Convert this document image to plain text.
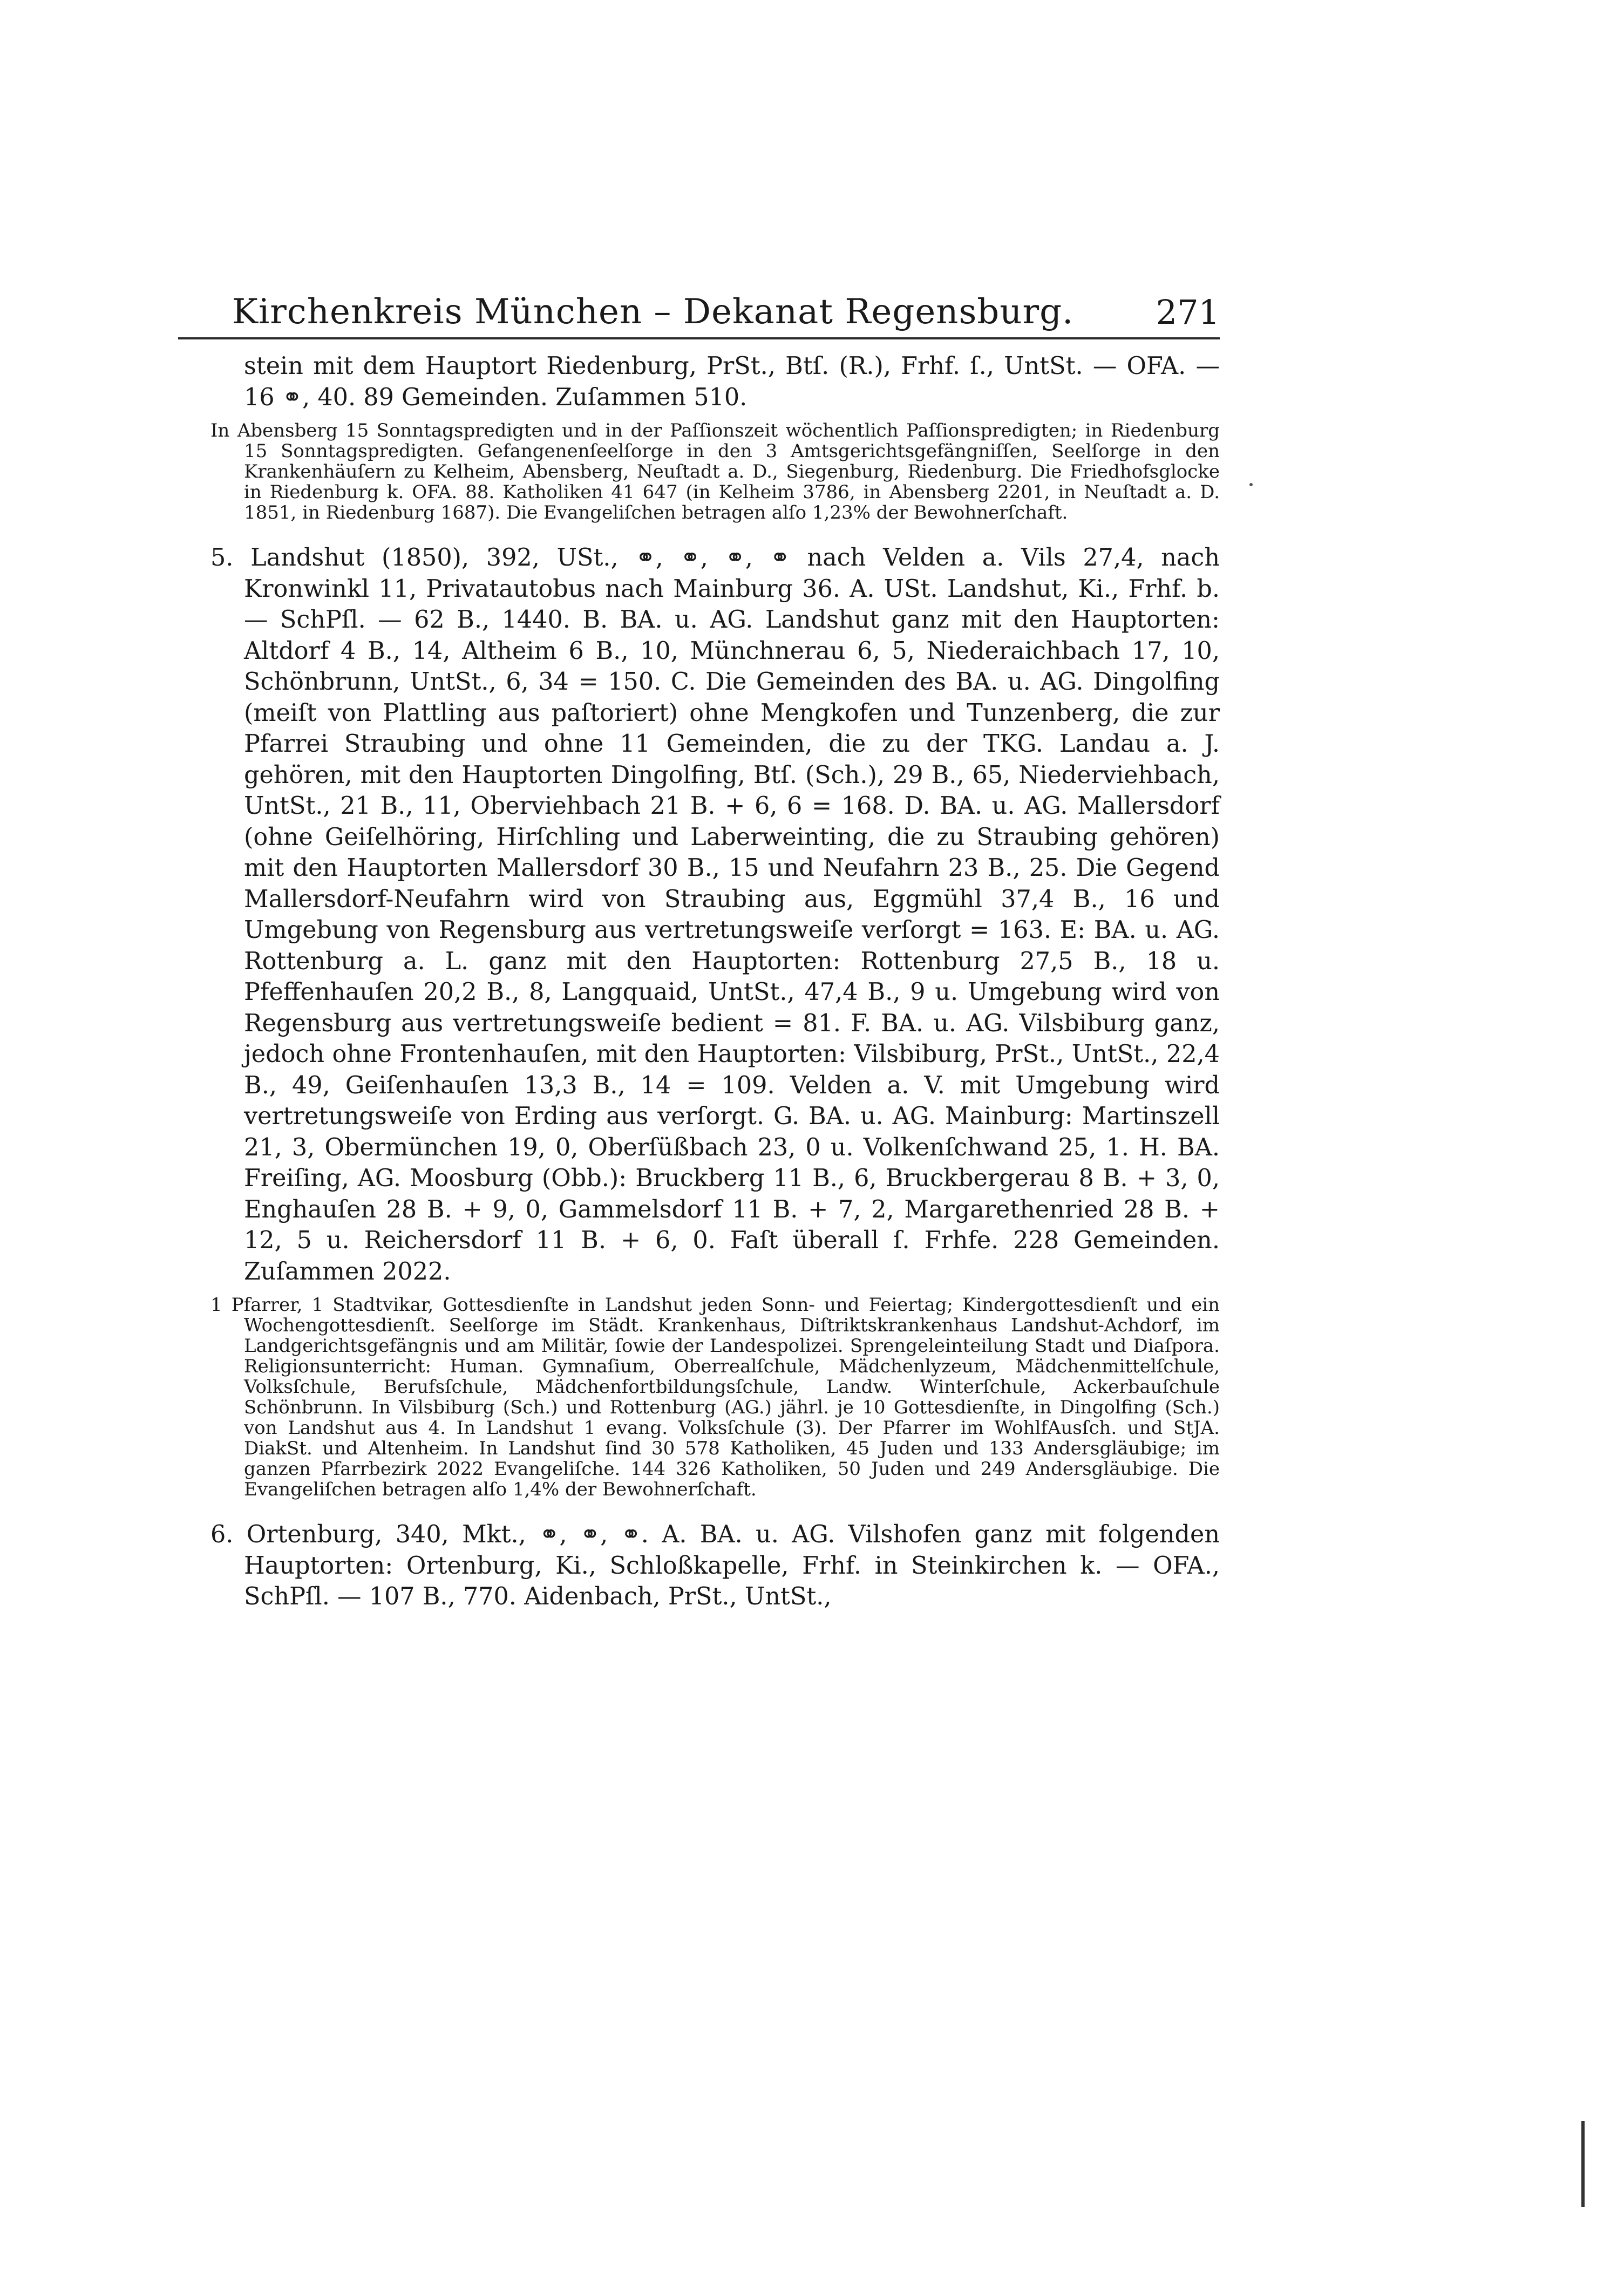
Kirchenkreis München – Dekanat Regensburg. 271

stein mit dem Hauptort Riedenburg, PrSt., Btſ. (R.), Frhf. ſ., UntSt. — OFA. — 16 ⚭, 40. 89 Gemeinden. Zuſammen 510.

In Abensberg 15 Sonntagspredigten und in der Paſſionszeit wöchentlich Paſſionspredigten; in Riedenburg 15 Sonntagspredigten. Gefangenenſeelſorge in den 3 Amtsgerichtsgefängniſſen, Seelſorge in den Krankenhäuſern zu Kelheim, Abensberg, Neuſtadt a. D., Siegenburg, Riedenburg. Die Friedhofsglocke in Riedenburg k. OFA. 88. Katholiken 41 647 (in Kelheim 3786, in Abensberg 2201, in Neuſtadt a. D. 1851, in Riedenburg 1687). Die Evangeliſchen betragen alſo 1,23% der Bewohnerſchaft.

5. Landshut (1850), 392, USt., ⚭, ⚭, ⚭, ⚭ nach Velden a. Vils 27,4, nach Kronwinkl 11, Privatautobus nach Mainburg 36. A. USt. Landshut, Ki., Frhf. b. — SchPſl. — 62 B., 1440. B. BA. u. AG. Landshut ganz mit den Hauptorten: Altdorf 4 B., 14, Altheim 6 B., 10, Münchnerau 6, 5, Niederaichbach 17, 10, Schönbrunn, UntSt., 6, 34 = 150. C. Die Gemeinden des BA. u. AG. Dingolfing (meiſt von Plattling aus paſtoriert) ohne Mengkofen und Tunzenberg, die zur Pfarrei Straubing und ohne 11 Gemeinden, die zu der TKG. Landau a. J. gehören, mit den Hauptorten Dingolfing, Btſ. (Sch.), 29 B., 65, Niederviehbach, UntSt., 21 B., 11, Oberviehbach 21 B. + 6, 6 = 168. D. BA. u. AG. Mallersdorf (ohne Geiſelhöring, Hirſchling und Laberweinting, die zu Straubing gehören) mit den Hauptorten Mallersdorf 30 B., 15 und Neufahrn 23 B., 25. Die Gegend Mallersdorf-Neufahrn wird von Straubing aus, Eggmühl 37,4 B., 16 und Umgebung von Regensburg aus vertretungsweiſe verſorgt = 163. E: BA. u. AG. Rottenburg a. L. ganz mit den Hauptorten: Rottenburg 27,5 B., 18 u. Pfeffenhauſen 20,2 B., 8, Langquaid, UntSt., 47,4 B., 9 u. Umgebung wird von Regensburg aus vertretungsweiſe bedient = 81. F. BA. u. AG. Vilsbiburg ganz, jedoch ohne Frontenhauſen, mit den Hauptorten: Vilsbiburg, PrSt., UntSt., 22,4 B., 49, Geiſenhauſen 13,3 B., 14 = 109. Velden a. V. mit Umgebung wird vertretungsweiſe von Erding aus verſorgt. G. BA. u. AG. Mainburg: Martinszell 21, 3, Obermünchen 19, 0, Oberſüßbach 23, 0 u. Volkenſchwand 25, 1. H. BA. Freiſing, AG. Moosburg (Obb.): Bruckberg 11 B., 6, Bruckbergerau 8 B. + 3, 0, Enghauſen 28 B. + 9, 0, Gammelsdorf 11 B. + 7, 2, Margarethenried 28 B. + 12, 5 u. Reichersdorf 11 B. + 6, 0. Faſt überall ſ. Frhfe. 228 Gemeinden. Zuſammen 2022.

1 Pfarrer, 1 Stadtvikar, Gottesdienſte in Landshut jeden Sonn- und Feiertag; Kindergottesdienſt und ein Wochengottesdienſt. Seelſorge im Städt. Krankenhaus, Diſtriktskrankenhaus Landshut-Achdorf, im Landgerichtsgefängnis und am Militär, ſowie der Landespolizei. Sprengeleinteilung Stadt und Diaſpora. Religionsunterricht: Human. Gymnaſium, Oberrealſchule, Mädchenlyzeum, Mädchenmittelſchule, Volksſchule, Berufsſchule, Mädchenfortbildungsſchule, Landw. Winterſchule, Ackerbauſchule Schönbrunn. In Vilsbiburg (Sch.) und Rottenburg (AG.) jährl. je 10 Gottesdienſte, in Dingolfing (Sch.) von Landshut aus 4. In Landshut 1 evang. Volksſchule (3). Der Pfarrer im WohlfAusſch. und StJA. DiakSt. und Altenheim. In Landshut ſind 30 578 Katholiken, 45 Juden und 133 Andersgläubige; im ganzen Pfarrbezirk 2022 Evangeliſche. 144 326 Katholiken, 50 Juden und 249 Andersgläubige. Die Evangeliſchen betragen alſo 1,4% der Bewohnerſchaft.

6. Ortenburg, 340, Mkt., ⚭, ⚭, ⚭. A. BA. u. AG. Vilshofen ganz mit folgenden Hauptorten: Ortenburg, Ki., Schloßkapelle, Frhf. in Steinkirchen k. — OFA., SchPſl. — 107 B., 770. Aidenbach, PrSt., UntSt.,
